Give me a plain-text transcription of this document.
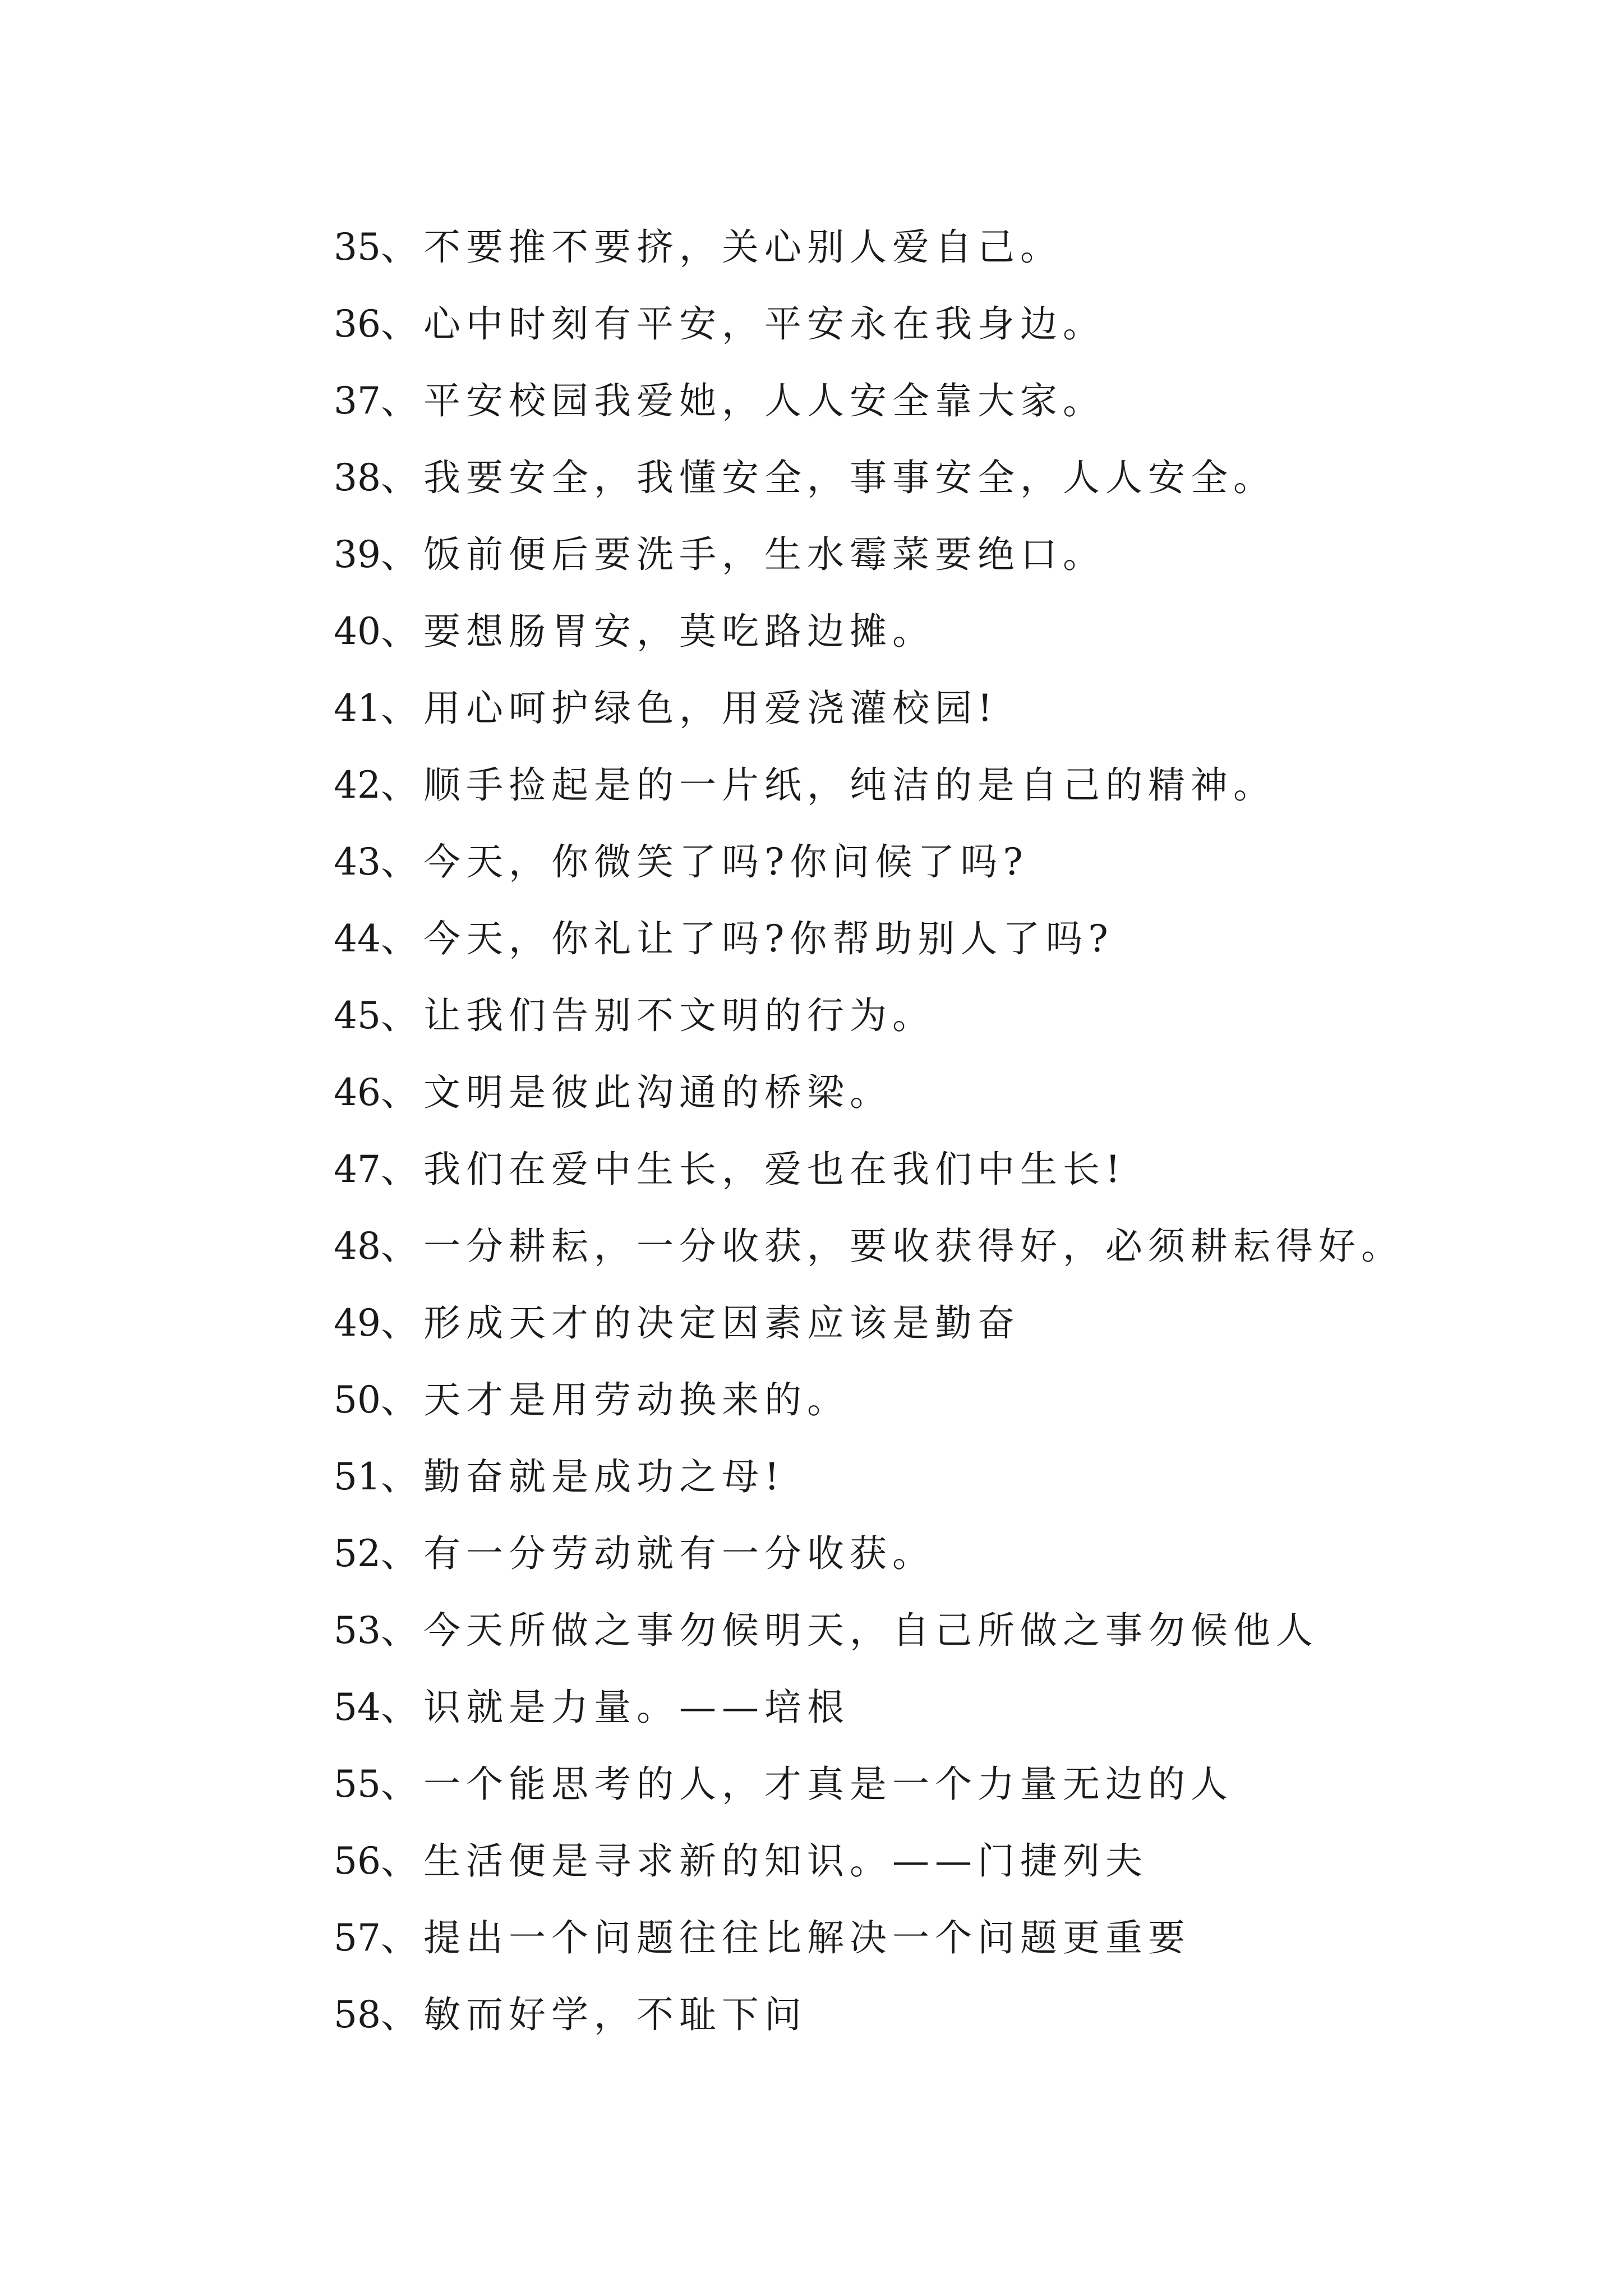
35、不要推不要挤，关心别人爱自己。
36、心中时刻有平安，平安永在我身边。
37、平安校园我爱她，人人安全靠大家。
38、我要安全，我懂安全，事事安全，人人安全。
39、饭前便后要洗手，生水霉菜要绝口。
40、要想肠胃安，莫吃路边摊。
41、用心呵护绿色，用爱浇灌校园!
42、顺手捡起是的一片纸，纯洁的是自己的精神。
43、今天，你微笑了吗?你问候了吗?
44、今天，你礼让了吗?你帮助别人了吗?
45、让我们告别不文明的行为。
46、文明是彼此沟通的桥梁。
47、我们在爱中生长，爱也在我们中生长!
48、一分耕耘，一分收获，要收获得好，必须耕耘得好。
49、形成天才的决定因素应该是勤奋
50、天才是用劳动换来的。
51、勤奋就是成功之母!
52、有一分劳动就有一分收获。
53、今天所做之事勿候明天，自己所做之事勿候他人
54、识就是力量。——培根
55、一个能思考的人，才真是一个力量无边的人
56、生活便是寻求新的知识。——门捷列夫
57、提出一个问题往往比解决一个问题更重要
58、敏而好学，不耻下问
